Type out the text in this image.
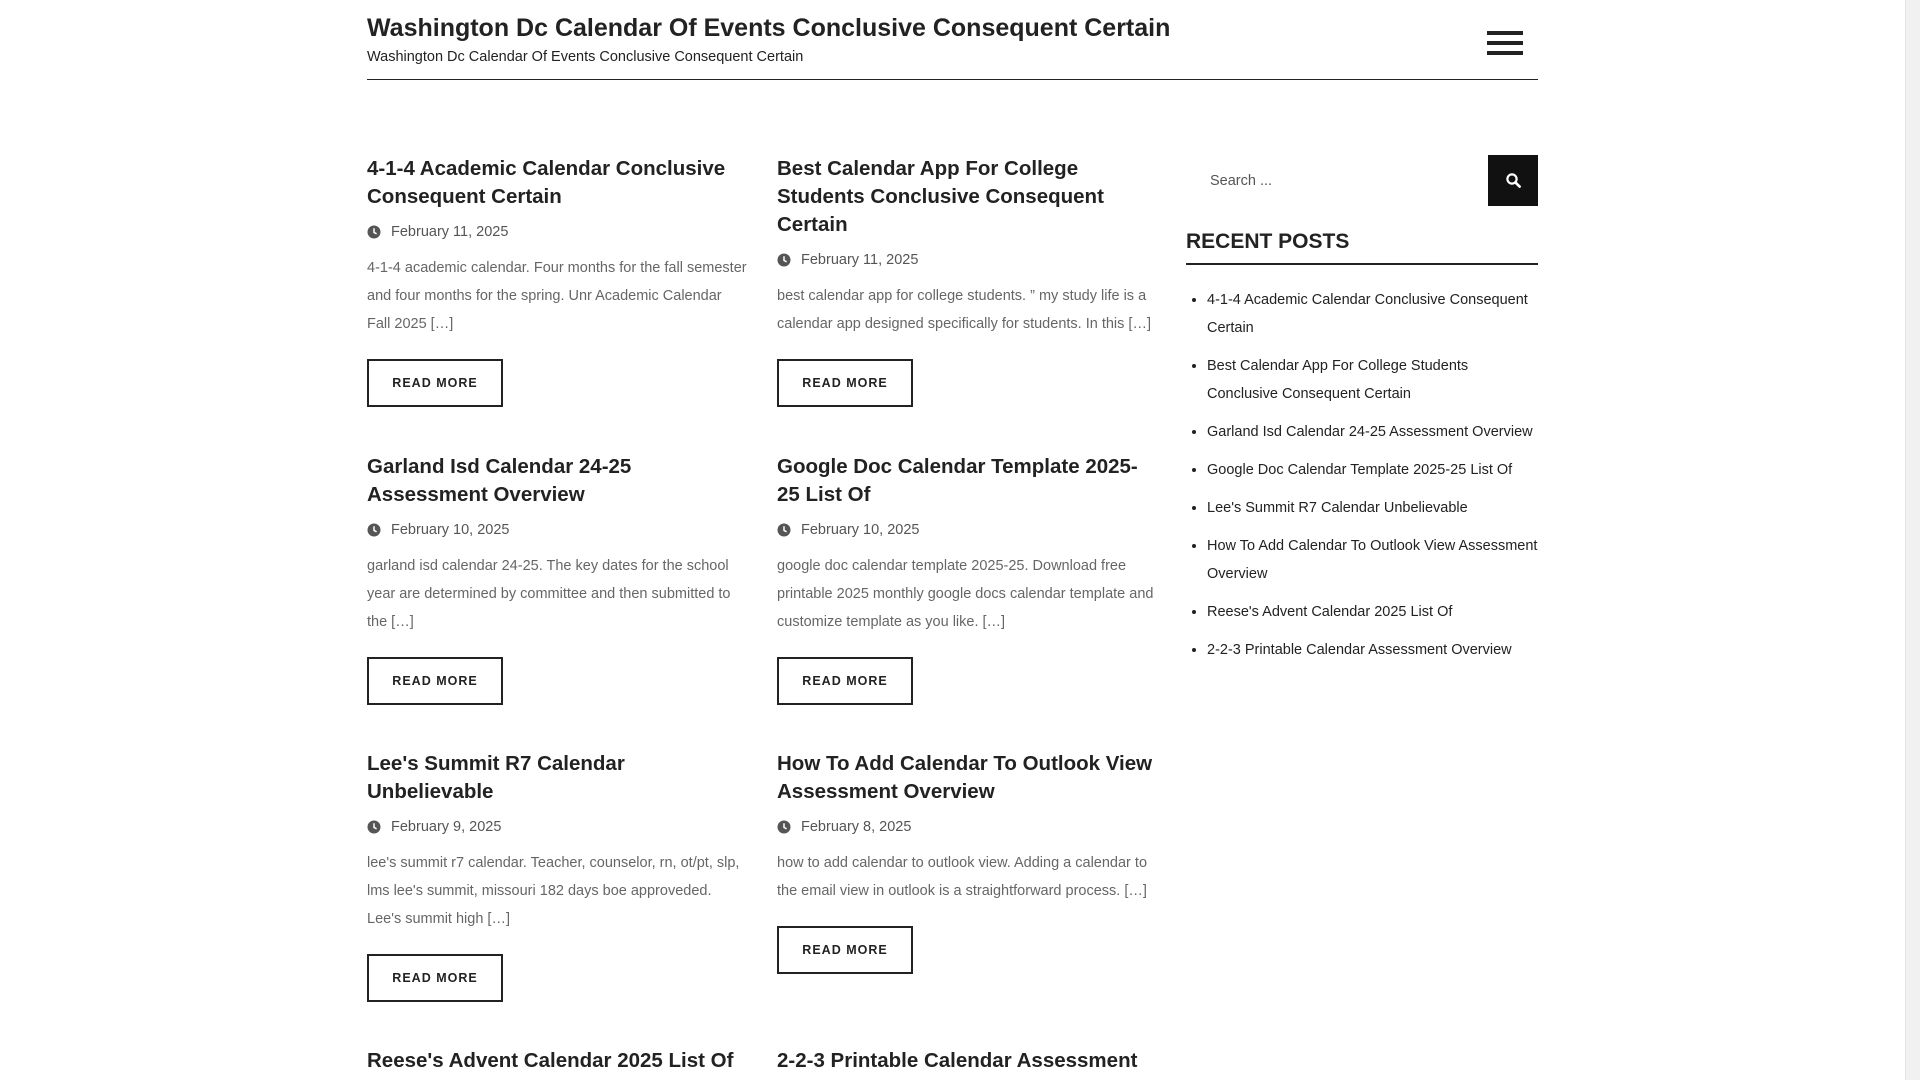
Washington Dc Calendar Of Events Conclusive Consequent Certain
Washington Dc Calendar Of Events Conclusive Consequent Certain
4-1-4 Academic Calendar Conclusive Consequent Certain
February 11, 2025

4-1-4 academic calendar. Four months for the fall semester and four months for the spring. Unr Academic Calendar Fall 2025 […]

READ MORE
Best Calendar App For College Students Conclusive Consequent Certain
February 11, 2025

best calendar app for college students. ” my study life is a calendar app designed specifically for students. In this […]

READ MORE
Garland Isd Calendar 24-25 Assessment Overview
February 10, 2025

garland isd calendar 24-25. The key dates for the school year are determined by committee and then submitted to the […]

READ MORE
Google Doc Calendar Template 2025-25 List Of
February 10, 2025

google doc calendar template 2025-25. Download free printable 2025 monthly google docs calendar template and customize template as you like. […]

READ MORE
Lee's Summit R7 Calendar Unbelievable
February 9, 2025

lee's summit r7 calendar. Teacher, counselor, rn, ot/pt, slp, lms lee's summit, missouri 182 days boe approveded. Lee's summit high […]

READ MORE
How To Add Calendar To Outlook View Assessment Overview
February 8, 2025

how to add calendar to outlook view. Adding a calendar to the email view in outlook is a straightforward process. […]

READ MORE
Reese's Advent Calendar 2025 List Of	2-2-3 Printable Calendar Assessment
Search ...
RECENT POSTS
• 4-1-4 Academic Calendar Conclusive Consequent Certain
• Best Calendar App For College Students Conclusive Consequent Certain
• Garland Isd Calendar 24-25 Assessment Overview
• Google Doc Calendar Template 2025-25 List Of
• Lee's Summit R7 Calendar Unbelievable
• How To Add Calendar To Outlook View Assessment Overview
• Reese's Advent Calendar 2025 List Of
• 2-2-3 Printable Calendar Assessment Overview
